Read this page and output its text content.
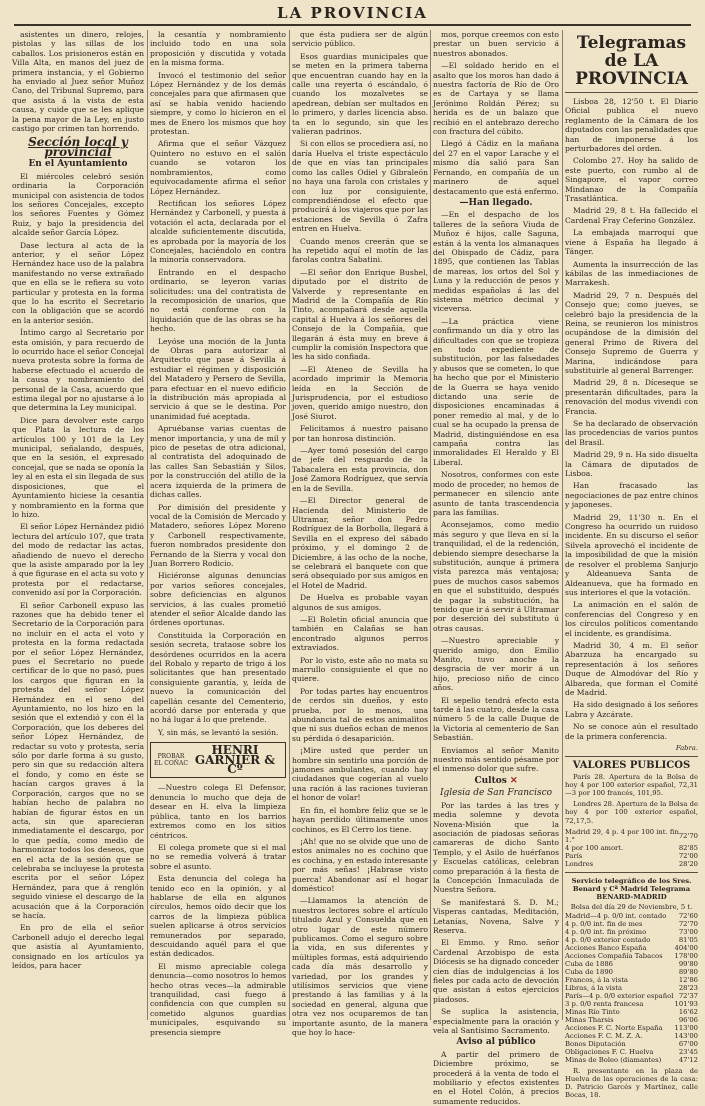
LA PROVINCIA

asistentes un dinero, relojes, pistolas y las sillas de los caballos. Los prisioneros están en Villa Alta, en manos del juez de primera instancia, y el Gobierno ha enviado al Juez señor Muñoz Cano, del Tribunal Supremo, para que asista á la vista de esta causa, y cuide que se les aplique la pena mayor de la Ley, en justo castigo por crimen tan horrendo.

Sección local y provincial
En el Ayuntamiento

El miércoles celebró sesión ordinaria la Corporación municipal con asistencia de todos los señores Concejales, excepto los señores Fuentes y Gómez Ruiz, y bajo la presidencia del alcalde señor García López.

Dase lectura al acta de la anterior, y el señor López Hernández hace uso de la palabra manifestando no verse extrañado que en ella se le refiera su voto particular y protesta en la forma que lo ha escrito el Secretario con la obligación que se acordó en la anterior sesión.

Íntimo cargo al Secretario por esta omisión, y para recuerdo de lo ocurrido hace el señor Concejal nueva protesta sobre la forma de haberse efectuado el acuerdo de la causa y nombramiento del personal de la Casa, acuerdo que estima ilegal por no ajustarse á lo que determina la Ley municipal.

Dice para devolver este cargo que Plata la lectura de los artículos 100 y 101 de la Ley municipal, señalando, después, que en la sesión, el expresado concejal, que se nada se oponía la ley al en esta el sin llegada de sus disposiciones, que el Ayuntamiento hiciese la cesantía y nombramiento en la forma que lo hizo.

El señor López Hernández pidió lectura del artículo 107, que trata del modo de redactar las actas, añadiendo de nuevo el derecho que la asiste amparado por la ley á que figurase en el acta su voto y protesta por el redactarse, convenido así por la Corporación.

El señor Carbonell expuso las razones que ha debido tener el Secretario de la Corporación para no incluir en el acta el voto y protesta en la forma redactada por el señor López Hernández, pues el Secretario no puede certificar de lo que no pasó, pues los cargos que figuran en la protesta del señor López Hernández en el seno del Ayuntamiento, no los hizo en la sesión que el extendió y con él la Corporación, que los deberes del señor López Hernández, de redactar su voto y protesta, sería sólo por darle forma á su gusto, pero sin que su redacción altera el fondo, y como en éste se hacían cargos graves á la Corporación, cargos que no se habían hecho de palabra no habían de figurar éstos en un acta, sin que aparecieran inmediatamente el descargo, por lo que pedía, como medio de harmonizar todos los deseos, que en el acta de la sesión que se celebraba se incluyese la protesta escrita por el señor López Hernández, para que á renglón seguido viniese el descargo de la acusación que á la Corporación se hacía.

En pro de ella el señor Carbonell adujo el derecho legal que asistía al Ayuntamiento, consignado en los artículos ya leídos, para hacer

la cesantía y nombramiento incluido todo en una sola proposición y discutida y votada en la misma forma.

Invocó el testimonio del señor López Hernández y de los demás concejales para que afirmasen que así se había venido haciendo siempre, y como lo hicieron en el mes de Enero los mismos que hoy protestan.

Afirma que el señor Vázquez Quintero no estuvo en el salón cuando se votaron los nombramientos, como equivocadamente afirma el señor López Hernández.

Rectifican los señores López Hernández y Carbonell, y puesta á votación el acta, declarada por el alcalde suficientemente discutida, es aprobada por la mayoría de los Concejales, haciéndolo en contra la minoría conservadora.

Entrando en el despacho ordinario, se leyeron varias solicitudes: una del contratista de la recomposición de unarios, que no está conforme con la liquidación que de las obras se ha hecho.

Leyóse una moción de la Junta de Obras para autorizar al Arquitecto que pase á Sevilla á estudiar el régimen y disposición del Matadero y Persero de Sevilla, para efectuar en el nuevo edificio la distribución más apropiada al servicio á que se le destina. Por unanimidad fué aceptada.

Apruébanse varias cuentas de menor importancia, y una de mil y pico de pesetas de otra adicional, al contratista del adoquinado de las calles San Sebastián y Silos, por la construcción del atillo de la acera izquierda de la primera de dichas calles.

Por dimisión del presidente y vocal de la Comisión de Mercado y Matadero, señores López Moreno y Carbonell respectivamente, fueron nombrados presidente don Fernando de la Sierra y vocal don Juan Borrero Rodicio.

Hiciéronse algunas denuncias por varios señores concejales, sobre deficiencias en algunos servicios, á las cuales prometió atender el señor Alcalde dando las órdenes oportunas.

Constituida la Corporación en sesión secreta, trataose sobre los desórdenes ocurridos en la acera del Robalo y reparto de trigo á los solicitantes que han presentado consiguiente garantía, y, leída de nuevo la comunicación del capellán cesante del Cementerio, acordó darse por enterada y que no há lugar á lo que pretende.

Y, sin más, se levantó la sesión.

PROBAR EL COÑAC
HENRI GARNIER & Cº

—Nuestro colega El Defensor, denuncia lo mucho que deja de desear en H. elva la limpieza pública, tanto en los barrios extremos como en los sitios céntricos.

El colega promete que si el mal no se remedia volverá á tratar sobre el asunto.

Esta denuncia del colega ha tenido eco en la opinión, y al hablarse de ella en algunos círculos, hemos oído decir que los carros de la limpieza pública suelen aplicarse á otros servicios remunerados por separado, descuidando aquél para el que están dedicados.

El mismo apreciable colega denuncia—como nosotros lo hemos hecho otras veces—la admirable tranquilidad, casi fuego á confidencia con que cumplen su cometido algunos guardias municipales, esquivando su presencia siempre

que ésta pudiera ser de algún servicio público.

Esos guardias municipales que se meten en la primera taberna que encuentran cuando hay en la calle una reyerta ó escándalo, ó cuando los mozalvetes se apedrean, debían ser multados en lo primero, y darles licencia abso. ta en lo segundo, sin que les valieran padrinos.

Si con ellos se procediera así, no daría Huelva el triste espectáculo de que en vías tan principales como las calles Odiel y Gibraleón no haya una farola con cristales y con luz por consiguiente, comprendiéndose el efecto que producirá á los viajeros que por las estaciones de Sevilla ó Zafra entren en Huelva.

Cuando menos creerán que se ha repetido aquí el motín de las farolas contra Sabatini.

—El señor don Enrique Bushel, diputado por el distrito de Valverde y representante en Madrid de la Compañía de Río Tinto, acompañará desde aquella capital á Huelva á los señores del Consejo de la Compañía, que llegarán á ésta muy en breve á cumplir la comisión Inspectora que les ha sido confiada.

—El Ateneo de Sevilla ha acordado imprimir la Memoria leída en la Sección de Jurisprudencia, por el estudioso joven, querido amigo nuestro, don José Siurot.

Felicitamos á nuestro paisano por tan honrosa distinción.

—Ayer tomó posesión del cargo de jefe del resguardo de la Tabacalera en esta provincia, don José Zamora Rodríguez, que servía en la de Sevilla.

—El Director general de Hacienda del Ministerio de Ultramar, señor don Pedro Rodríguez de la Borbolla, llegará á Sevilla en el expreso del sábado próximo, y el domingo 2 de Diciembre, á las ocho de la noche, se celebrará el banquete con que será obsequiado por sus amigos en el Hotel de Madrid.

De Huelva es probable vayan algunos de sus amigos.

—El Boletín oficial anuncia que también en Calañas se han encontrado algunos perros extraviados.

Por lo visto, este año no mata su marrullo consiguiente el que no quiere.

Por todas partes hay encuentros de cerdos sin dueños, y esto prueba, por lo menos, una abundancia tal de estos animalitos que ni sus dueños echan de menos su pérdida ó desaparición.

¡Mire usted que perder un hombre sin sentirlo una porción de jamones ambulantes, cuando hay ciudadanos que cogerían al vuelo una ración á las raciones tuvieran el honor de volar!

En fin, el hombre feliz que se le hayan perdido últimamente unos cochinos, es El Cerro los tiene.

¡Ah! que no se olvide que uno de estos animales no es cochino que es cochina, y en estado interesante por más señas! ¡Habrase visto puerca! Abandonar así el hogar doméstico!

—Llamamos la atención de nuestros lectores sobre el artículo titulado Azul y Consuelda que en otro lugar de este número publicamos. Como el seguro sobre la vida, en sus diferentes y múltiples formas, está adquiriendo cada día más desarrollo y variedad, por los grandes y utilísimos servicios que viene prestando á las familias y á la sociedad en general, alguna que otra vez nos ocuparemos de tan importante asunto, de la manera que hoy lo hace-

mos, porque creemos con esto prestar un buen servicio á nuestros abonados.

—El soldado herido en el asalto que los moros han dado á nuestra factoría de Río de Oro es de Cartaya y se llama Jerónimo Roldán Pérez; su herida es de un balazo que recibió en el antebrazo derecho con fractura del cúbito.

Llegó á Cádiz en la mañana del 27 en el vapor Larache y el mismo día salió para San Fernando, en compañía de un marinero de aquel destacamento que está enfermo.

—Han llegado.

—En el despacho de los talleres de la señora Viuda de Muñoz é hijos, calle Saguna, están á la venta los almanaques del Obispado de Cádiz, para 1895, que contienen las Tablas de mareas, los ortos del Sol y Luna y la reducción de pesos y medidas españolas á las del sistema métrico decimal y viceversa.

—La práctica viene confirmando un día y otro las dificultades con que se tropieza en todo expediente de substitución, por las falsedades y abusos que se cometen, lo que ha hecho que por el Ministerio de la Guerra se haya venido dictando una serie de disposiciones encaminadas á poner remedio al mal, y de lo cual se ha ocupado la prensa de Madrid, distinguiéndose en esa campaña contra las inmoralidades El Heraldo y El Liberal.

Nosotros, conformes con este modo de proceder, no hemos de permanecer en silencio ante asunto de tanta trascendencia para las familias.

Aconsejamos, como medio más seguro y que lleva en sí la tranquilidad, el de la redención, debiendo siempre desecharse la substitución, aunque á primera vista parezca más ventajosa; pues de muchos casos sabemos en que el substituido, después de pagar la substitución, ha tenido que ir á servir á Ultramar por deserción del substituto ú otras causas.

—Nuestro apreciable y querido amigo, don Emilio Manito, tuvo anoche la desgracia de ver morir á un hijo, precioso niño de cinco años.

El sepelio tendrá efecto esta tarde á las cuatro, desde la casa número 5 de la calle Duque de la Victoria al cementerio de San Sebastián.

Enviamos al señor Manito nuestro más sentido pésame por el inmenso dolor que sufre.

Cultos ✕
Iglesia de San Francisco

Por las tardes á las tres y media solemne y devota Novena-Misión que la asociación de piadosas señoras camareras de dicho Santo Templo, y el Asilo de huérfanos y Escuelas católicas, celebran como preparación á la fiesta de la Concepción Inmaculada de Nuestra Señora.

Se manifestará S. D. M.; Visperas cantadas, Meditación, Letanías, Novena, Salve y Reserva.

El Emmo. y Rmo. señor Cardenal Arzobispo de esta Diócesis se ha dignado conceder cien días de indulgencias á los fieles por cada acto de devoción que asistan á estos ejercicios piadosos.

Se suplica la asistencia, especialmente para la oración y vela al Santísimo Sacramento.

Aviso al público

A partir del primero de Diciembre próximo, se procederá á la venta de todo el mobiliario y efectos existentes en el Hotel Colón, á precios sumamente reducidos.

Telegramas de LA PROVINCIA

Lisboa 28, 12'50 t. El Diario Oficial publica el nuevo reglamento de la Cámara de los diputados con las penalidades que han de imponerse á los perturbadores del orden.

Colombo 27. Hoy ha salido de este puerto, con rumbo al de Singapore, el vapor correo Mindanao de la Compañía Trasatlántica.

Madrid 29, 8 t. Ha fallecido el Cardenal Fray Ceferino González.

La embajada marroquí que viene á España ha llegado á Tánger.

Aumenta la insurrección de las kábilas de las inmediaciones de Marrakesh.

Madrid 29, 7 n. Después del Consejo que; como jueves, se celebró bajo la presidencia de la Reina, se reunieron los ministros ocupándose de la dimisión del general Primo de Rivera del Consejo Supremo de Guerra y Marina, indicándose para substituirle al general Barrenger.

Madrid 29, 8 n. Díceseque se presentarán dificultades, para la renovación del modus vivendi con Francia.

Se ha declarado de observación las procedencias de varios puntos del Brasil.

Madrid 29, 9 n. Ha sido disuelta la Cámara de diputados de Lisboa.

Han fracasado las negociaciones de paz entre chinos y japoneses.

Madrid 29, 11'30 n. En el Congreso ha ocurrido un ruidoso incidente. En su discurso el señor Silvela aprovechó el incidente de la imposibilidad de que la misión de resolver el problema Sanjurjo y Aldeanueva Santa de Aldeanueva, que ha formado en sus interiores el que la votación.

La animación en el salón de conferencias del Congreso y en los círculos políticos comentando el incidente, es grandísima.

Madrid 30, 4 m. El señor Abarzuza ha encargado su representación á los señores Duque de Almodóvar del Río y Albareda, que forman el Comité de Madrid.

Ha sido designado á los señores Labra y Azcárate.

No se conoce aún el resultado de la primera conferencia.

Fabra.
VALORES PUBLICOS

París 28. Apertura de la Bolsa de hoy 4 por 100 exterior español, 72,31—3 por 100 francés, 101,95.

Londres 28. Apertura de la Bolsa de hoy 4 por 100 exterior español, 72,17,5.

Madrid 29, 4 p. 4 por 100 int. fin 1.°	72'70
4 por 100 amort.	82'85
París	72'00
Londres	28'20
Servicio telegráfico de los Sres. Benard y Cª Madrid Telegrama BENARD-MADRID
Bolsa del día 29 de Noviembre, 5 t.
Madrid—4 p. 0/0 int. contado	72'60
4 p. 0/0 int. fin de mes	72'70
4 p. 0/0 int. fin próximo	73'00
4 p. 0/0 exterior contado	81'05
Acciones Banco España	404'00
Acciones Compañía Tabacos	178'00
Cuba de 1886	99'80
Cuba de 1890	89'80
Francos, á la vista	12'86
Libras, á la vista	28'23
París—4 p. 0/0 exterior español	72'37
3 p. 0/0 renta francesa	101'93
Minas Río Tinto	16'62
Minas Tharsis	96'06
Acciones F. C. Norte España	113'00
Acciones F. C. M. Z. A.	143'00
Bonos Diputación	67'00
Obligaciones F. C. Huelva	23'45
Minas de Boleo (diamantes)	47'12

R. presentante en la plaza de Huelva de las operaciones de la casa: D. Patricio Garcés y Martínez, calle Bocas, 18.
